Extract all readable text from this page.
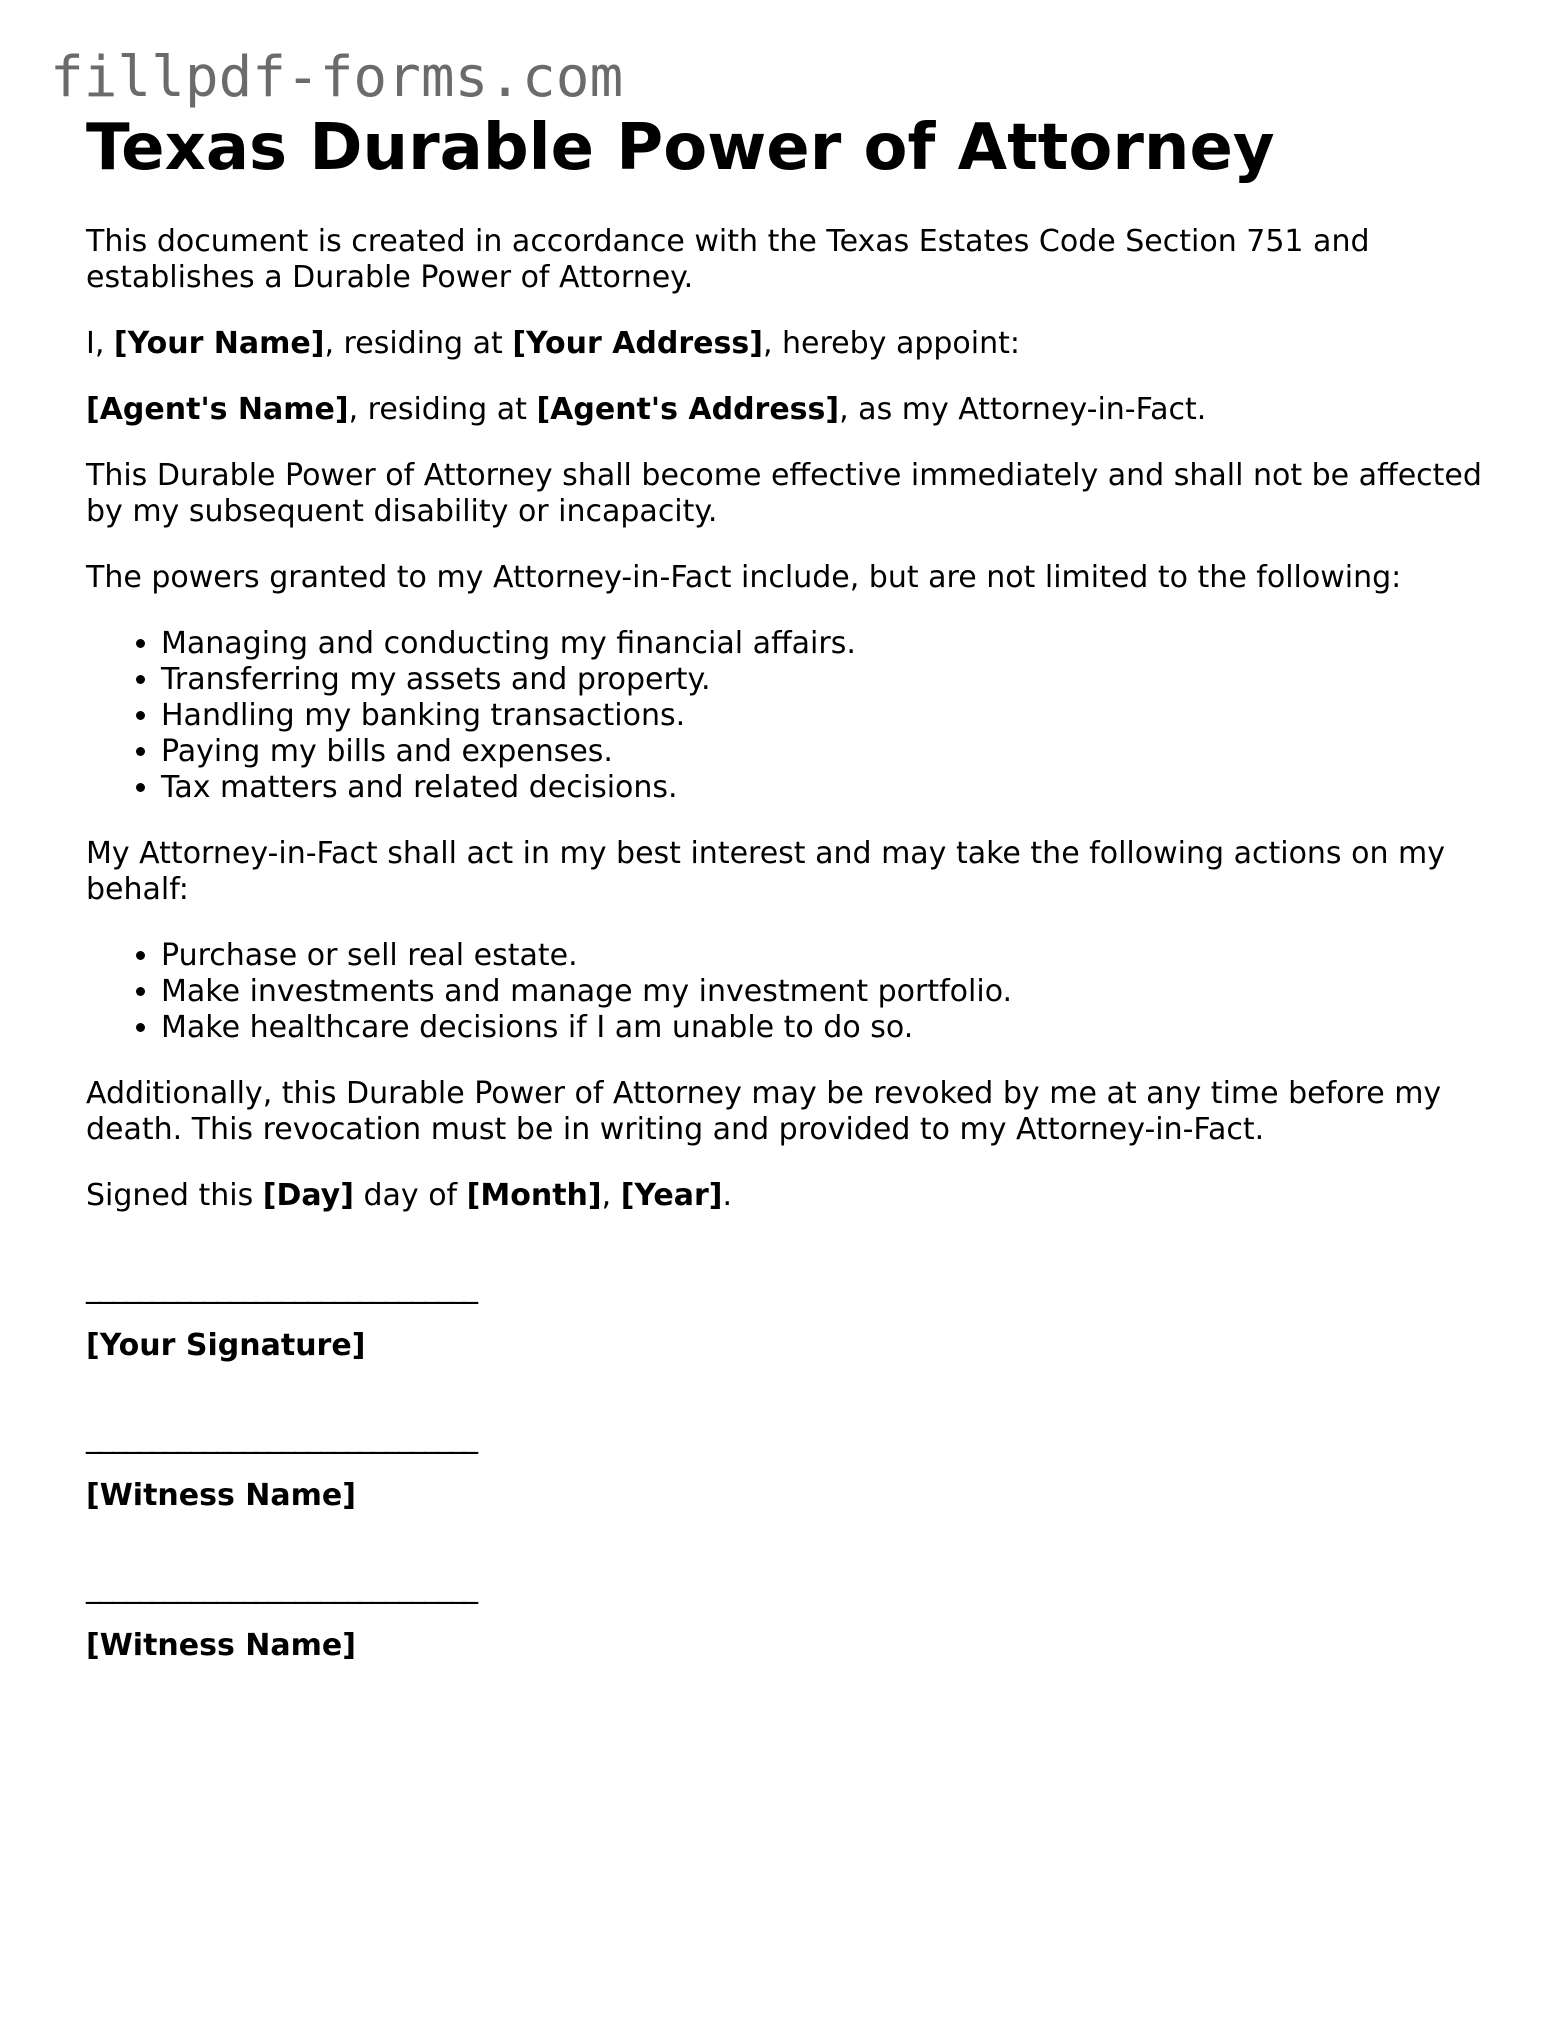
fillpdf-forms.com
Texas Durable Power of Attorney

This document is created in accordance with the Texas Estates Code Section 751 and establishes a Durable Power of Attorney.

I, [Your Name], residing at [Your Address], hereby appoint:

[Agent's Name], residing at [Agent's Address], as my Attorney-in-Fact.

This Durable Power of Attorney shall become effective immediately and shall not be affected by my subsequent disability or incapacity.

The powers granted to my Attorney-in-Fact include, but are not limited to the following:

• Managing and conducting my financial affairs.
• Transferring my assets and property.
• Handling my banking transactions.
• Paying my bills and expenses.
• Tax matters and related decisions.

My Attorney-in-Fact shall act in my best interest and may take the following actions on my behalf:

• Purchase or sell real estate.
• Make investments and manage my investment portfolio.
• Make healthcare decisions if I am unable to do so.

Additionally, this Durable Power of Attorney may be revoked by me at any time before my death. This revocation must be in writing and provided to my Attorney-in-Fact.

Signed this [Day] day of [Month], [Year].

______________________________
[Your Signature]
______________________________
[Witness Name]
______________________________
[Witness Name]
